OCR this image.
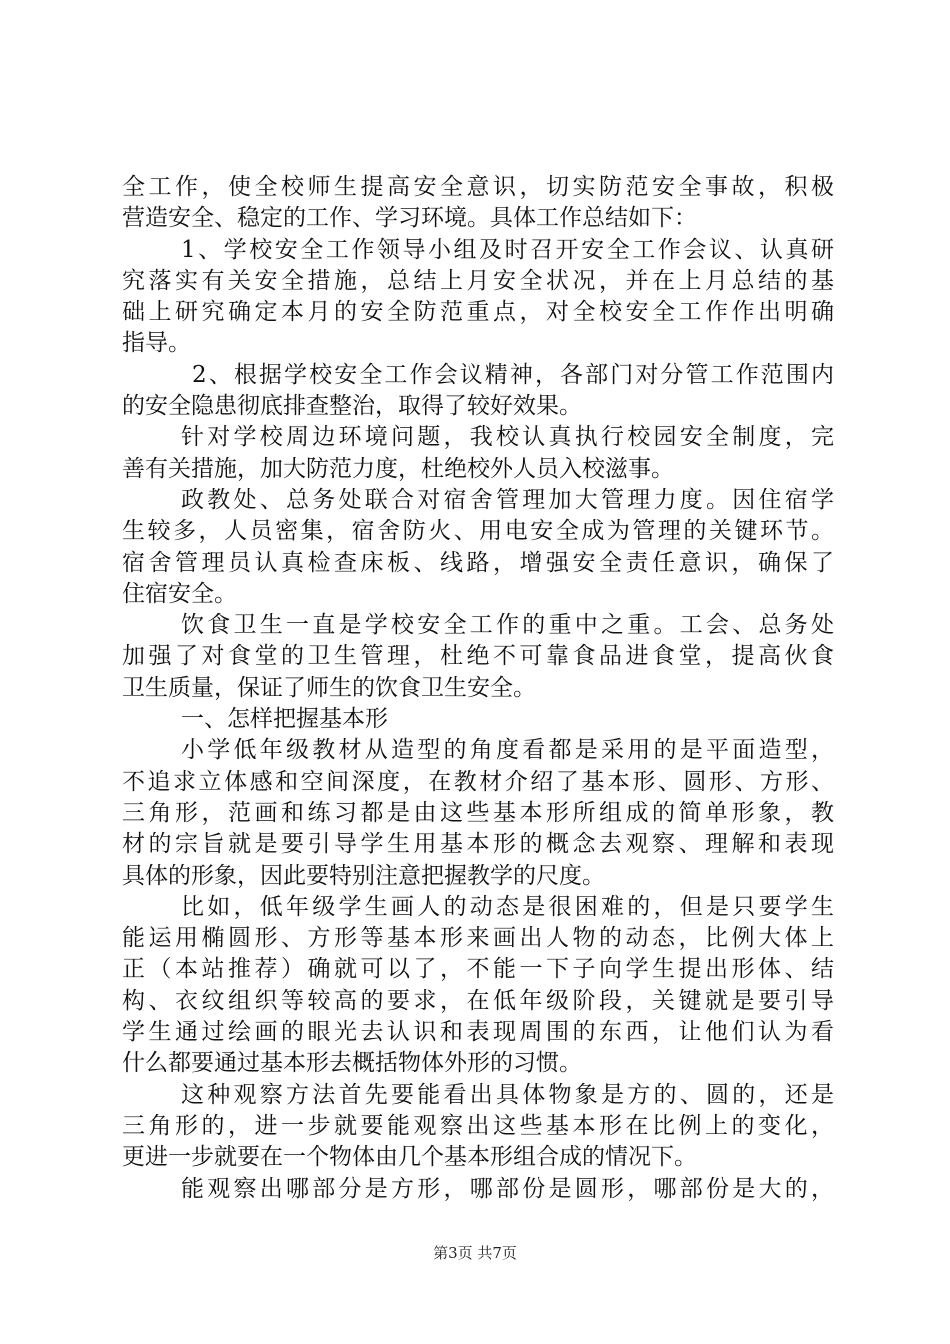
全工作，使全校师生提高安全意识，切实防范安全事故，积极
营造安全、稳定的工作、学习环境。具体工作总结如下：
1、学校安全工作领导小组及时召开安全工作会议、认真研
究落实有关安全措施，总结上月安全状况，并在上月总结的基
础上研究确定本月的安全防范重点，对全校安全工作作出明确
指导。
2、根据学校安全工作会议精神，各部门对分管工作范围内
的安全隐患彻底排查整治，取得了较好效果。
针对学校周边环境问题，我校认真执行校园安全制度，完
善有关措施，加大防范力度，杜绝校外人员入校滋事。
政教处、总务处联合对宿舍管理加大管理力度。因住宿学
生较多，人员密集，宿舍防火、用电安全成为管理的关键环节。
宿舍管理员认真检查床板、线路，增强安全责任意识，确保了
住宿安全。
饮食卫生一直是学校安全工作的重中之重。工会、总务处
加强了对食堂的卫生管理，杜绝不可靠食品进食堂，提高伙食
卫生质量，保证了师生的饮食卫生安全。
一、怎样把握基本形
小学低年级教材从造型的角度看都是采用的是平面造型，
不追求立体感和空间深度，在教材介绍了基本形、圆形、方形、
三角形，范画和练习都是由这些基本形所组成的简单形象，教
材的宗旨就是要引导学生用基本形的概念去观察、理解和表现
具体的形象，因此要特别注意把握教学的尺度。
比如，低年级学生画人的动态是很困难的，但是只要学生
能运用椭圆形、方形等基本形来画出人物的动态，比例大体上
正（本站推荐）确就可以了，不能一下子向学生提出形体、结
构、衣纹组织等较高的要求，在低年级阶段，关键就是要引导
学生通过绘画的眼光去认识和表现周围的东西，让他们认为看
什么都要通过基本形去概括物体外形的习惯。
这种观察方法首先要能看出具体物象是方的、圆的，还是
三角形的，进一步就要能观察出这些基本形在比例上的变化，
更进一步就要在一个物体由几个基本形组合成的情况下。
能观察出哪部分是方形，哪部份是圆形，哪部份是大的，
第3页 共7页
